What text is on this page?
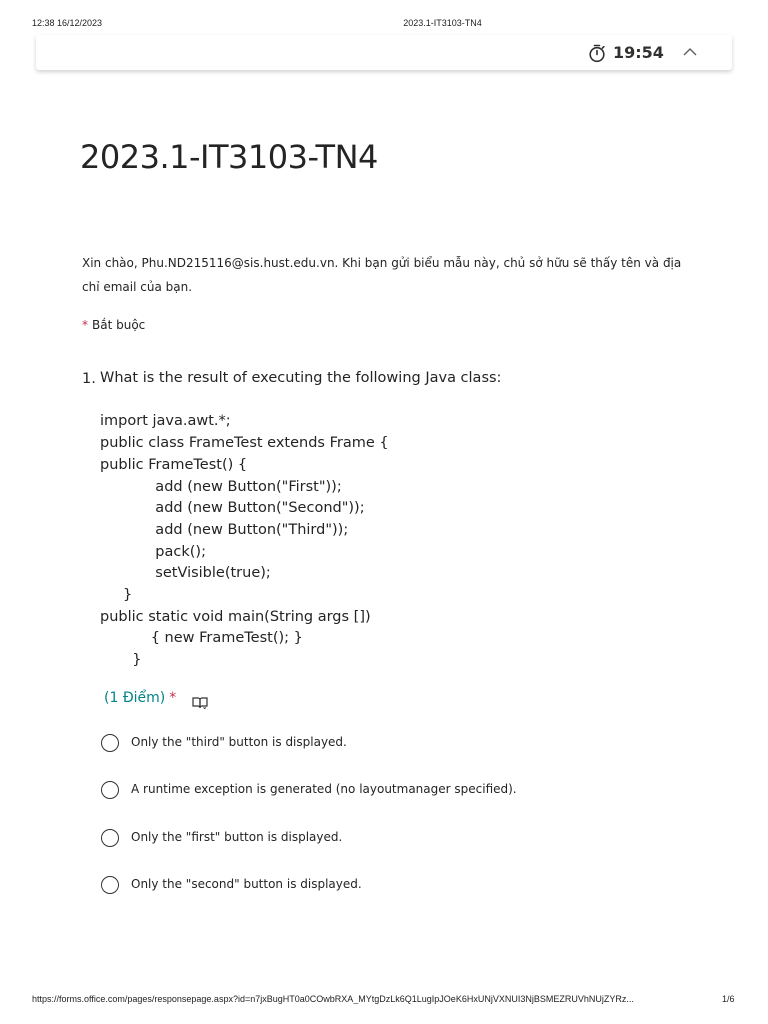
12:38 16/12/2023	2023.1-IT3103-TN4
19:54
2023.1-IT3103-TN4
Xin chào, Phu.ND215116@sis.hust.edu.vn. Khi bạn gửi biểu mẫu này, chủ sở hữu sẽ thấy tên và địa chỉ email của bạn.
* Bắt buộc
1. What is the result of executing the following Java class:

import java.awt.*;
public class FrameTest extends Frame {
public FrameTest() {
add (new Button("First"));
add (new Button("Second"));
add (new Button("Third"));
pack();
setVisible(true);
}
public static void main(String args [])
{ new FrameTest(); }
}
(1 Điểm) *
Only the "third" button is displayed.
A runtime exception is generated (no layoutmanager specified).
Only the "first" button is displayed.
Only the "second" button is displayed.
https://forms.office.com/pages/responsepage.aspx?id=n7jxBugHT0a0COwbRXA_MYtgDzLk6Q1LugIpJOeK6HxUNjVXNUI3NjBSMEZRUVhNUjZYRz...	1/6
